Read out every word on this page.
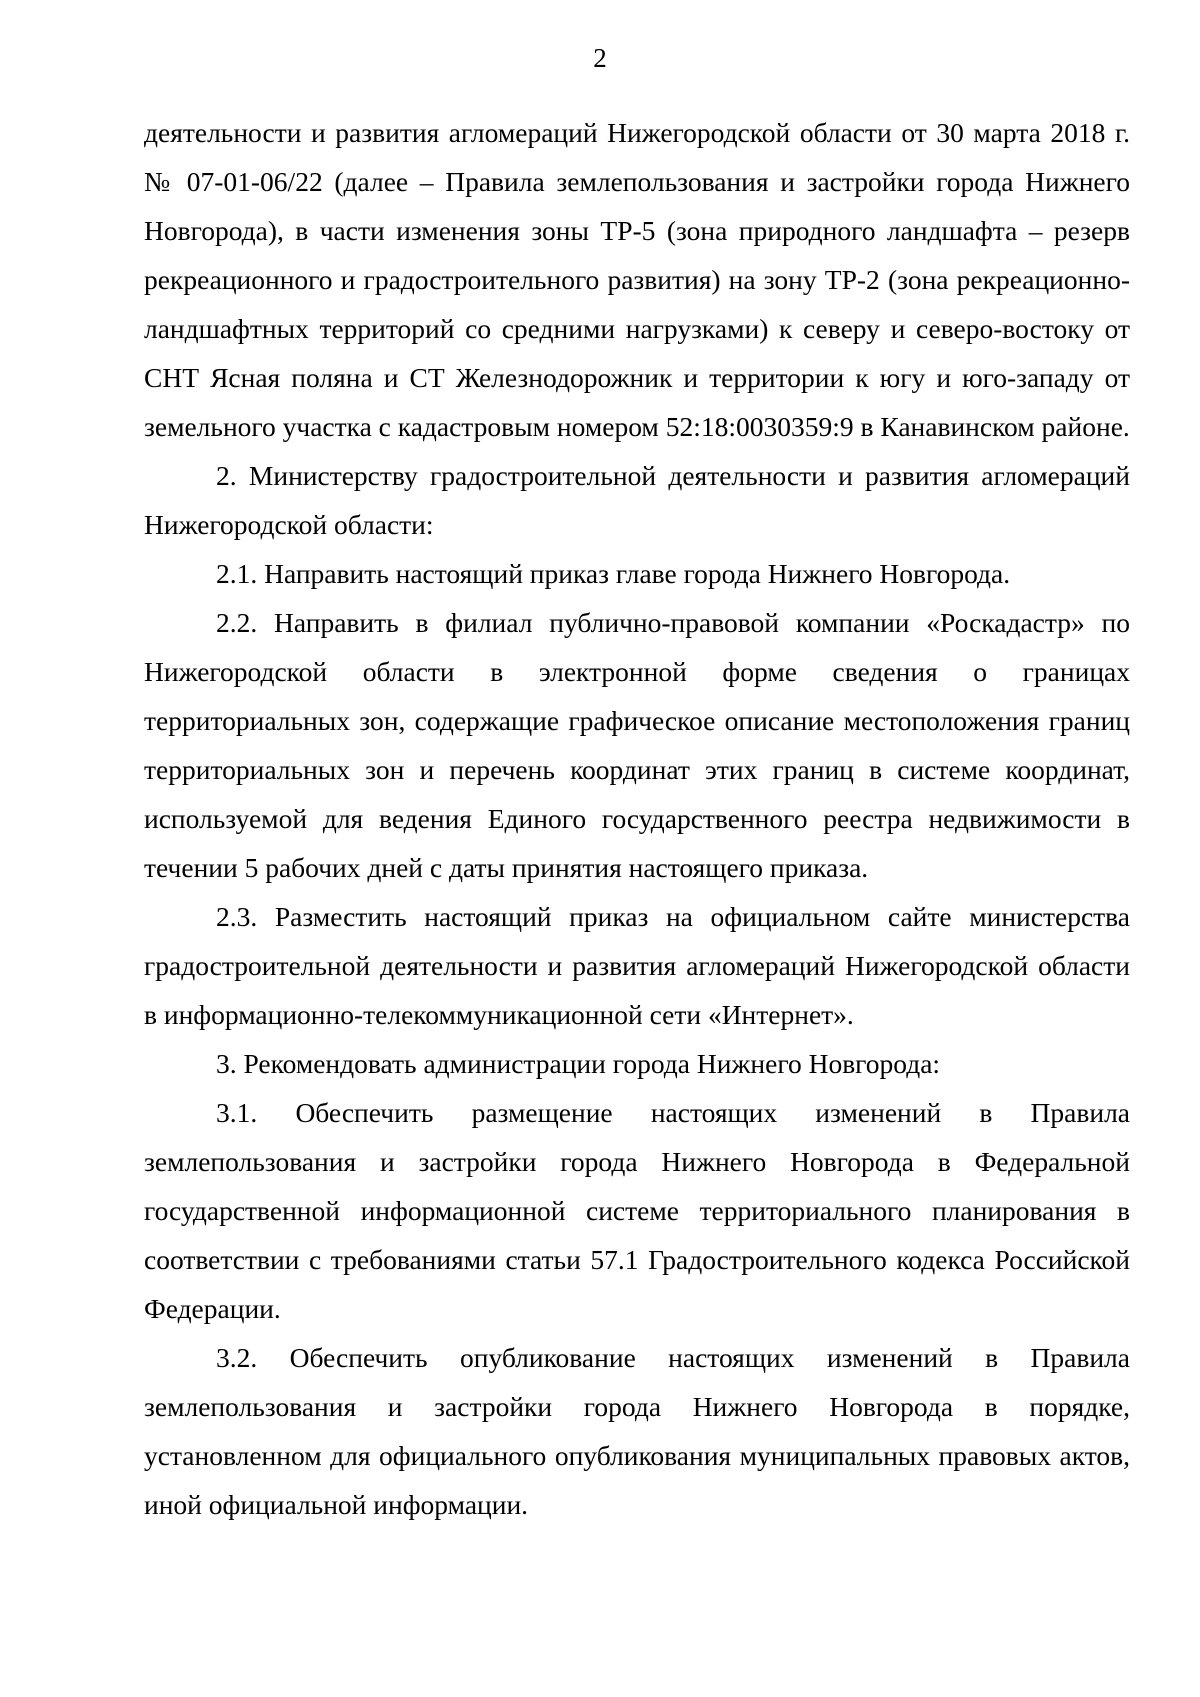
2

деятельности и развития агломераций Нижегородской области от 30 марта 2018 г. № 07-01-06/22 (далее – Правила землепользования и застройки города Нижнего Новгорода), в части изменения зоны ТР-5 (зона природного ландшафта – резерв рекреационного и градостроительного развития) на зону ТР-2 (зона рекреационно-ландшафтных территорий со средними нагрузками) к северу и северо-востоку от СНТ Ясная поляна и СТ Железнодорожник и территории к югу и юго-западу от земельного участка с кадастровым номером 52:18:0030359:9 в Канавинском районе.

2. Министерству градостроительной деятельности и развития агломераций Нижегородской области:

2.1. Направить настоящий приказ главе города Нижнего Новгорода.

2.2. Направить в филиал публично-правовой компании «Роскадастр» по Нижегородской области в электронной форме сведения о границах территориальных зон, содержащие графическое описание местоположения границ территориальных зон и перечень координат этих границ в системе координат, используемой для ведения Единого государственного реестра недвижимости в течении 5 рабочих дней с даты принятия настоящего приказа.

2.3. Разместить настоящий приказ на официальном сайте министерства градостроительной деятельности и развития агломераций Нижегородской области в информационно-телекоммуникационной сети «Интернет».

3. Рекомендовать администрации города Нижнего Новгорода:

3.1. Обеспечить размещение настоящих изменений в Правила землепользования и застройки города Нижнего Новгорода в Федеральной государственной информационной системе территориального планирования в соответствии с требованиями статьи 57.1 Градостроительного кодекса Российской Федерации.

3.2. Обеспечить опубликование настоящих изменений в Правила землепользования и застройки города Нижнего Новгорода в порядке, установленном для официального опубликования муниципальных правовых актов, иной официальной информации.
